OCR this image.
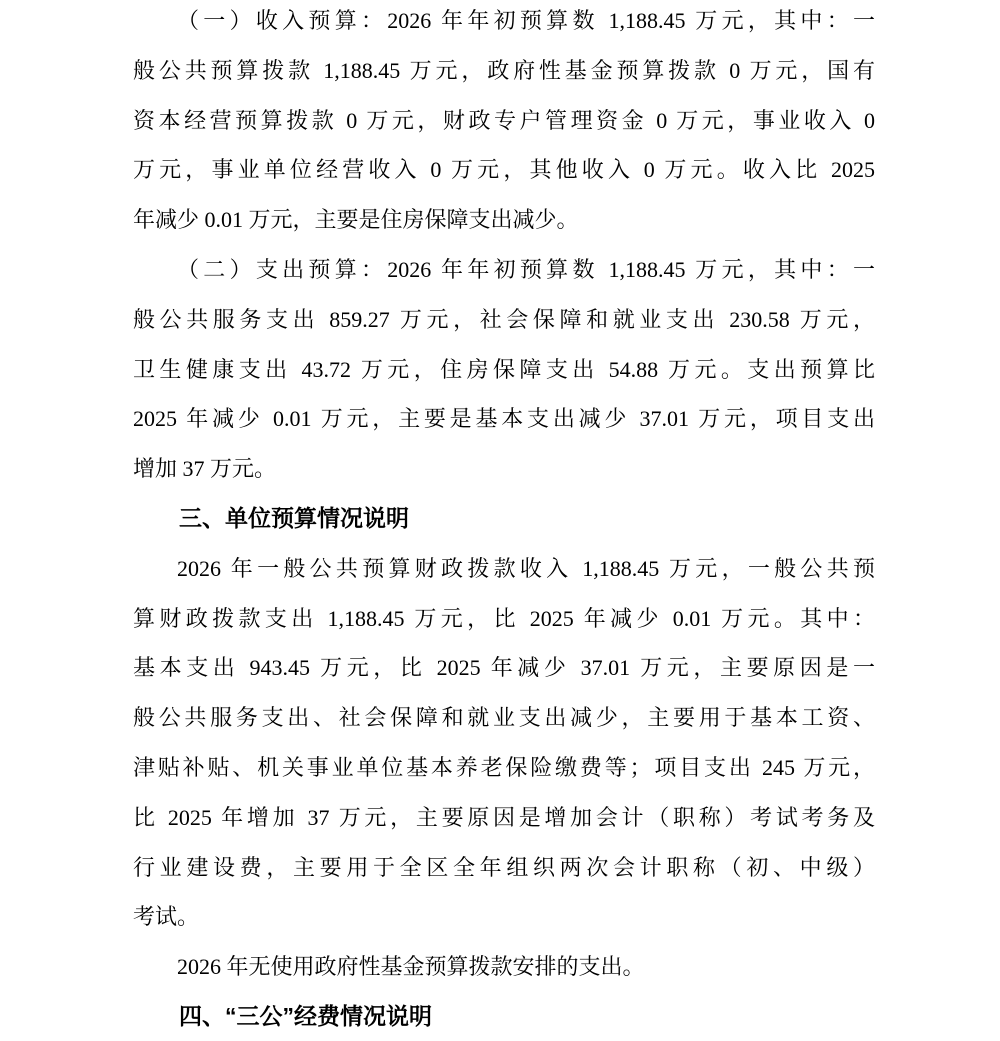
（一）收入预算：2026 年年初预算数 1,188.45 万元，其中：一
般公共预算拨款 1,188.45 万元，政府性基金预算拨款 0 万元，国有
资本经营预算拨款 0 万元，财政专户管理资金 0 万元，事业收入 0
万元，事业单位经营收入 0 万元，其他收入 0 万元。收入比 2025
年减少 0.01 万元，主要是住房保障支出减少。
（二）支出预算：2026 年年初预算数 1,188.45 万元，其中：一
般公共服务支出 859.27 万元，社会保障和就业支出 230.58 万元，
卫生健康支出 43.72 万元，住房保障支出 54.88 万元。支出预算比
2025 年减少 0.01 万元，主要是基本支出减少 37.01 万元，项目支出
增加 37 万元。
三、单位预算情况说明
2026 年一般公共预算财政拨款收入 1,188.45 万元，一般公共预
算财政拨款支出 1,188.45 万元，比 2025 年减少 0.01 万元。其中：
基本支出 943.45 万元，比 2025 年减少 37.01 万元，主要原因是一
般公共服务支出、社会保障和就业支出减少，主要用于基本工资、
津贴补贴、机关事业单位基本养老保险缴费等；项目支出 245 万元，
比 2025 年增加 37 万元，主要原因是增加会计（职称）考试考务及
行业建设费，主要用于全区全年组织两次会计职称（初、中级）
考试。
2026 年无使用政府性基金预算拨款安排的支出。
四、“三公”经费情况说明
